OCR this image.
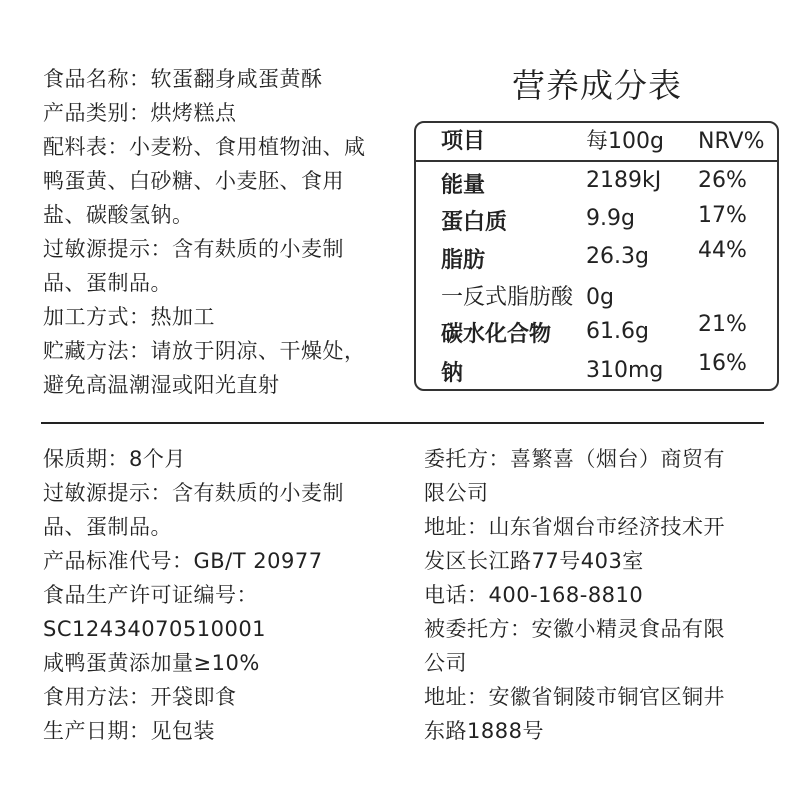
食品名称：软蛋翻身咸蛋黄酥
产品类别：烘烤糕点
配料表：小麦粉、食用植物油、咸
鸭蛋黄、白砂糖、小麦胚、食用
盐、碳酸氢钠。
过敏源提示：含有麸质的小麦制
品、蛋制品。
加工方式：热加工
贮藏方法：请放于阴凉、干燥处，
避免高温潮湿或阳光直射
营养成分表
项目	每100g NRV%
能量	2189kJ 26%
蛋白质	9.9g	17%
脂肪	26.3g 44%
一反式脂肪酸 0g
碳水化合物 61.6g 21%
钠	310mg 16%
保质期：8个月
过敏源提示：含有麸质的小麦制
品、蛋制品。
产品标准代号：GB/T 20977
食品生产许可证编号：
SC12434070510001
咸鸭蛋黄添加量≥10%
食用方法：开袋即食
生产日期：见包装
委托方：喜繁喜（烟台）商贸有
限公司
地址：山东省烟台市经济技术开
发区长江路77号403室
电话：400-168-8810
被委托方：安徽小精灵食品有限
公司
地址：安徽省铜陵市铜官区铜井
东路1888号
